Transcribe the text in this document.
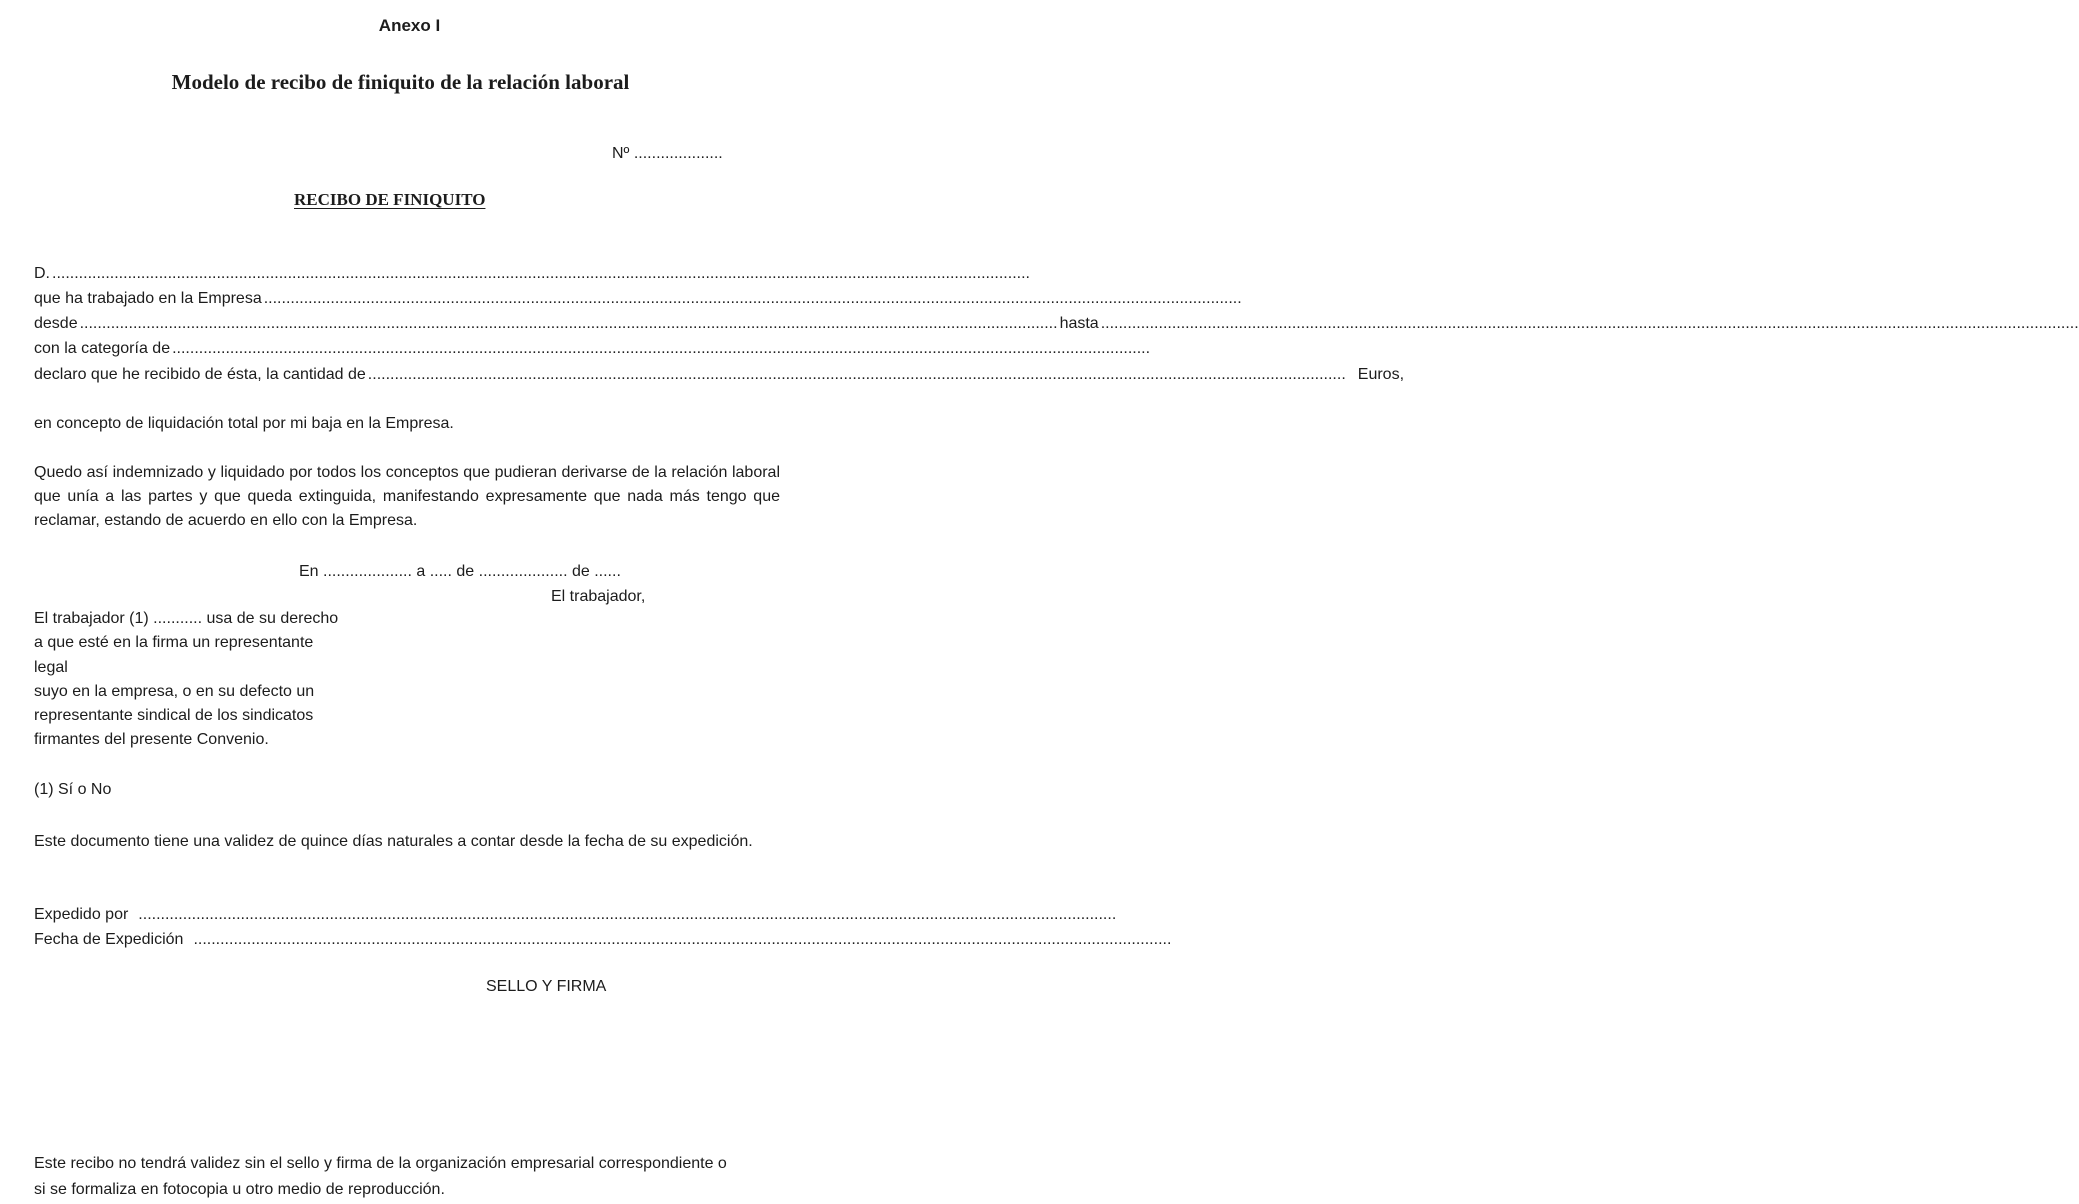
Anexo I
Modelo de recibo de finiquito de la relación laboral
Nº ....................
RECIBO DE FINIQUITO
D. ............................................................................................................................................................................................................................
que ha trabajado en la Empresa ............................................................................................................................................................................................................................
desde ............................................................................................................................................................................................................................ hasta ............................................................................................................................................................................................................................
con la categoría de ............................................................................................................................................................................................................................
declaro que he recibido de ésta, la cantidad de ............................................................................................................................................................................................................................ Euros,
en concepto de liquidación total por mi baja en la Empresa.
Quedo así indemnizado y liquidado por todos los conceptos que pudieran derivarse de la relación laboral que unía a las partes y que queda extinguida, manifestando expresamente que nada más tengo que reclamar, estando de acuerdo en ello con la Empresa.
En .................... a ..... de .................... de ......
El trabajador,
El trabajador (1) ........... usa de su derecho
a que esté en la firma un representante
legal
suyo en la empresa, o en su defecto un
representante sindical de los sindicatos
firmantes del presente Convenio.
(1) Sí o No
Este documento tiene una validez de quince días naturales a contar desde la fecha de su expedición.
Expedido por ............................................................................................................................................................................................................................
Fecha de Expedición ............................................................................................................................................................................................................................
SELLO Y FIRMA
Este recibo no tendrá validez sin el sello y firma de la organización empresarial correspondiente o si se formaliza en fotocopia u otro medio de reproducción.
